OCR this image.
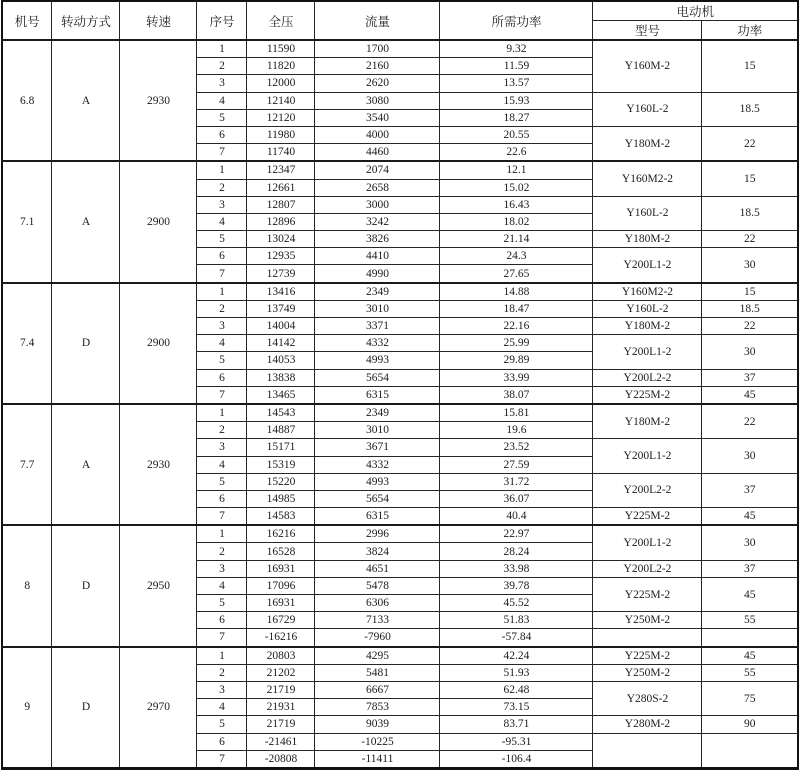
机号	转动方式	转速	序号	全压	流量	所需功率	电动机	
							型号	功率
6.8	A	2930	1	11590	1700	9.32	Y160M-2	15
			2	11820	2160	11.59		
			3	12000	2620	13.57		
			4	12140	3080	15.93	Y160L-2	18.5
			5	12120	3540	18.27		
			6	11980	4000	20.55	Y180M-2	22
			7	11740	4460	22.6		
7.1	A	2900	1	12347	2074	12.1	Y160M2-2	15
			2	12661	2658	15.02		
			3	12807	3000	16.43	Y160L-2	18.5
			4	12896	3242	18.02		
			5	13024	3826	21.14	Y180M-2	22
			6	12935	4410	24.3	Y200L1-2	30
			7	12739	4990	27.65		
7.4	D	2900	1	13416	2349	14.88	Y160M2-2	15
			2	13749	3010	18.47	Y160L-2	18.5
			3	14004	3371	22.16	Y180M-2	22
			4	14142	4332	25.99	Y200L1-2	30
			5	14053	4993	29.89		
			6	13838	5654	33.99	Y200L2-2	37
			7	13465	6315	38.07	Y225M-2	45
7.7	A	2930	1	14543	2349	15.81	Y180M-2	22
			2	14887	3010	19.6		
			3	15171	3671	23.52	Y200L1-2	30
			4	15319	4332	27.59		
			5	15220	4993	31.72	Y200L2-2	37
			6	14985	5654	36.07		
			7	14583	6315	40.4	Y225M-2	45
8	D	2950	1	16216	2996	22.97	Y200L1-2	30
			2	16528	3824	28.24		
			3	16931	4651	33.98	Y200L2-2	37
			4	17096	5478	39.78	Y225M-2	45
			5	16931	6306	45.52		
			6	16729	7133	51.83	Y250M-2	55
			7	-16216	-7960	-57.84		
9	D	2970	1	20803	4295	42.24	Y225M-2	45
			2	21202	5481	51.93	Y250M-2	55
			3	21719	6667	62.48	Y280S-2	75
			4	21931	7853	73.15		
			5	21719	9039	83.71	Y280M-2	90
			6	-21461	-10225	-95.31		
			7	-20808	-11411	-106.4		
